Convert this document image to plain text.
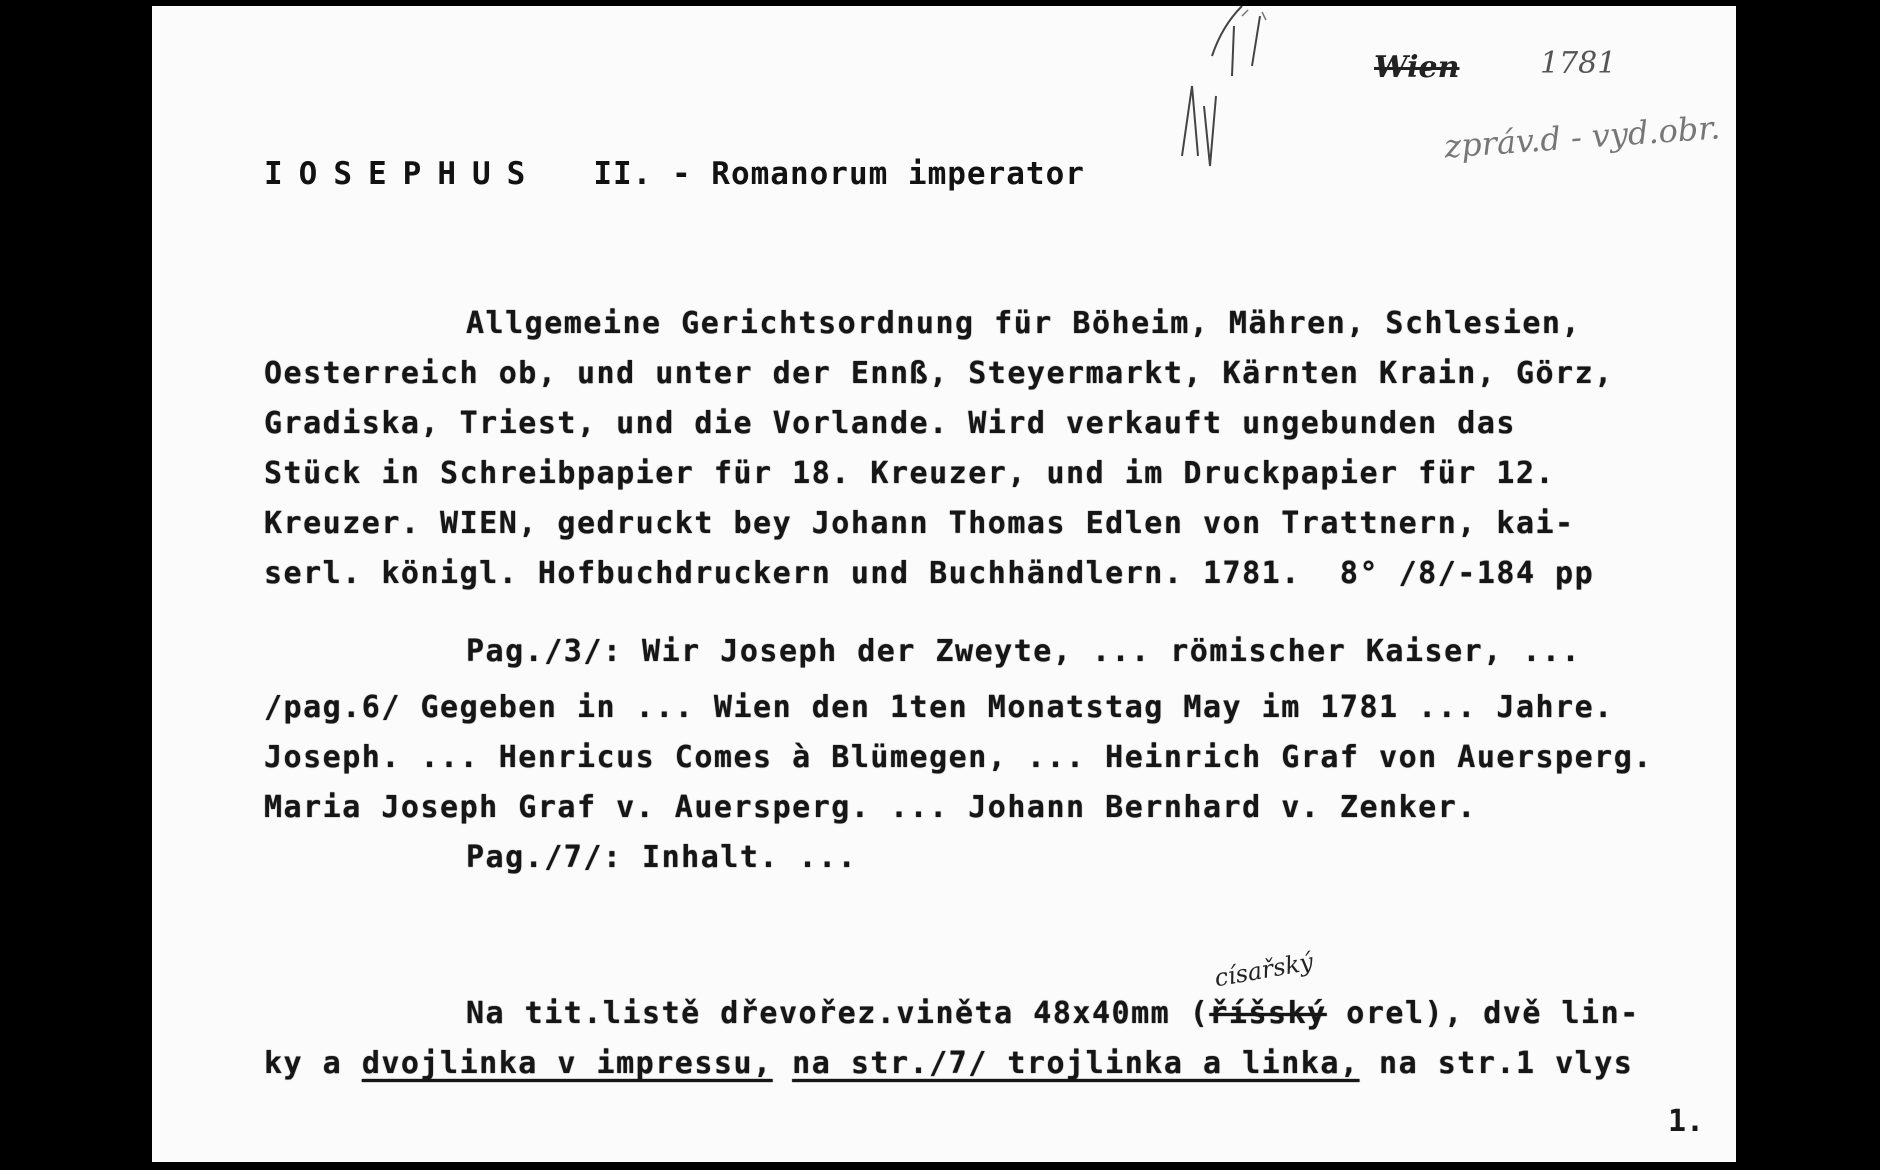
IOSEPHUS II. - Romanorum imperator
Wien	1781
zpráv.d - vyd.obr.
Allgemeine Gerichtsordnung für Böheim, Mähren, Schlesien,
Oesterreich ob, und unter der Ennß, Steyermarkt, Kärnten Krain, Görz,
Gradiska, Triest, und die Vorlande. Wird verkauft ungebunden das
Stück in Schreibpapier für 18. Kreuzer, und im Druckpapier für 12.
Kreuzer. WIEN, gedruckt bey Johann Thomas Edlen von Trattnern, kai-
serl. königl. Hofbuchdruckern und Buchhändlern. 1781.  8° /8/-184 pp
Pag./3/: Wir Joseph der Zweyte, ... römischer Kaiser, ...
/pag.6/ Gegeben in ... Wien den 1ten Monatstag May im 1781 ... Jahre.
Joseph. ... Henricus Comes à Blümegen, ... Heinrich Graf von Auersperg.
Maria Joseph Graf v. Auersperg. ... Johann Bernhard v. Zenker.
Pag./7/: Inhalt. ...
císařský
Na tit.listě dřevořez.viněta 48x40mm (říšský orel), dvě lin-
ky a dvojlinka v impressu, na str./7/ trojlinka a linka, na str.1 vlys
1.
